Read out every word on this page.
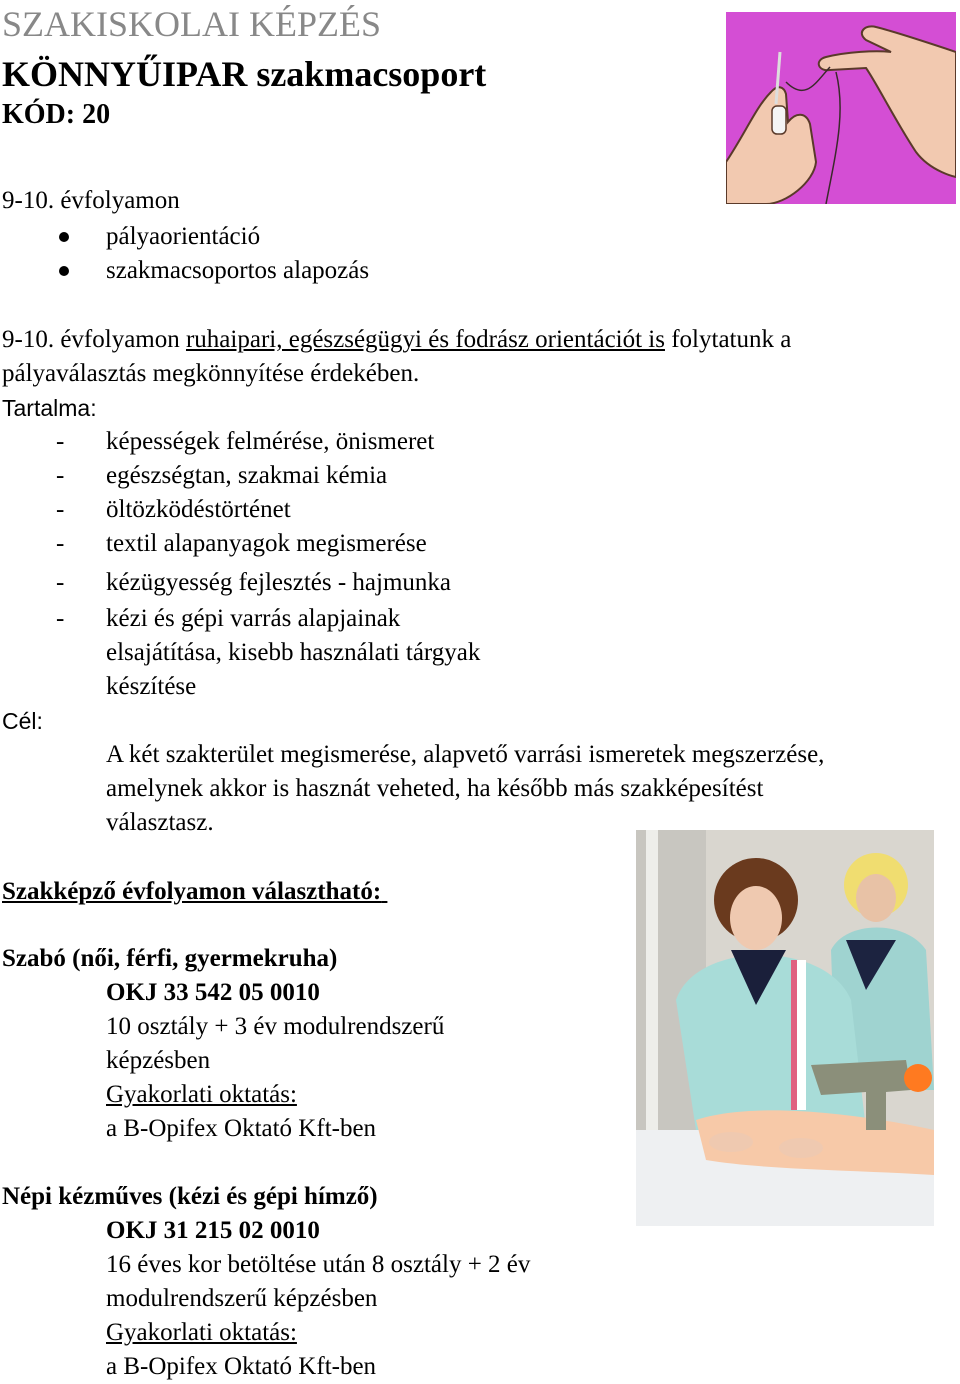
SZAKISKOLAI KÉPZÉS
KÖNNYŰIPAR szakmacsoport
KÓD: 20
9-10. évfolyamon
pályaorientáció
szakmacsoportos alapozás
9-10. évfolyamon ruhaipari, egészségügyi és fodrász orientációt is folytatunk a
pályaválasztás megkönnyítése érdekében.
Tartalma:
- képességek felmérése, önismeret
- egészségtan, szakmai kémia
- öltözködéstörténet
- textil alapanyagok megismerése
- kézügyesség fejlesztés - hajmunka
- kézi és gépi varrás alapjainak
elsajátítása, kisebb használati tárgyak
készítése
Cél:
A két szakterület megismerése, alapvető varrási ismeretek megszerzése,
amelynek akkor is hasznát veheted, ha később más szakképesítést
választasz.
Szakképző évfolyamon választható:
Szabó (női, férfi, gyermekruha)
OKJ 33 542 05 0010
10 osztály + 3 év modulrendszerű
képzésben
Gyakorlati oktatás:
a B-Opifex Oktató Kft-ben
Népi kézműves (kézi és gépi hímző)
OKJ 31 215 02 0010
16 éves kor betöltése után 8 osztály + 2 év
modulrendszerű képzésben
Gyakorlati oktatás:
a B-Opifex Oktató Kft-ben
